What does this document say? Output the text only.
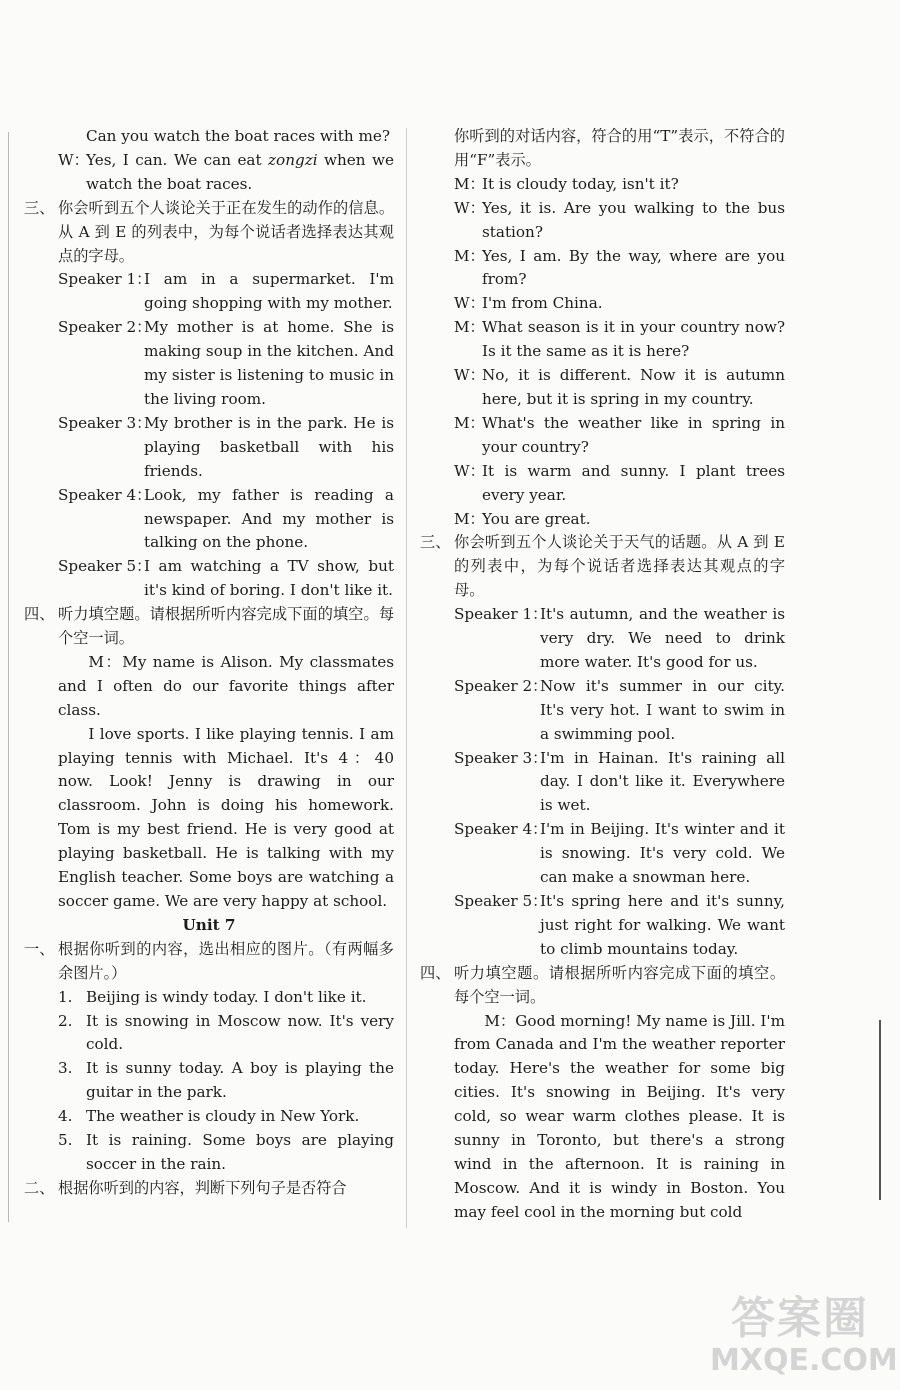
Can you watch the boat races with me?
W：
Yes, I can. We can eat zongzi when we watch the boat races.
三、 你会听到五个人谈论关于正在发生的动作的信息。从 A 到 E 的列表中，为每个说话者选择表达其观点的字母。
Speaker 1：
I am in a supermarket. I'm going shopping with my mother.
Speaker 2：
My mother is at home. She is making soup in the kitchen. And my sister is listening to music in the living room.
Speaker 3：
My brother is in the park. He is playing basketball with his friends.
Speaker 4：
Look, my father is reading a newspaper. And my mother is talking on the phone.
Speaker 5：
I am watching a TV show, but it's kind of boring. I don't like it.
四、 听力填空题。请根据所听内容完成下面的填空。每个空一词。
M：My name is Alison. My classmates and I often do our favorite things after class.
I love sports. I like playing tennis. I am playing tennis with Michael. It's 4：40 now. Look! Jenny is drawing in our classroom. John is doing his homework. Tom is my best friend. He is very good at playing basketball. He is talking with my English teacher. Some boys are watching a soccer game. We are very happy at school.
Unit 7
一、 根据你听到的内容，选出相应的图片。（有两幅多余图片。）
1. Beijing is windy today. I don't like it.
2. It is snowing in Moscow now. It's very cold.
3. It is sunny today. A boy is playing the guitar in the park.
4. The weather is cloudy in New York.
5. It is raining. Some boys are playing soccer in the rain.
二、 根据你听到的内容，判断下列句子是否符合
你听到的对话内容，符合的用“T”表示，不符合的用“F”表示。
M：
It is cloudy today, isn't it?
W：
Yes, it is. Are you walking to the bus station?
M：
Yes, I am. By the way, where are you from?
W：
I'm from China.
M：
What season is it in your country now? Is it the same as it is here?
W：
No, it is different. Now it is autumn here, but it is spring in my country.
M：
What's the weather like in spring in your country?
W：
It is warm and sunny. I plant trees every year.
M：
You are great.
三、 你会听到五个人谈论关于天气的话题。从 A 到 E 的列表中，为每个说话者选择表达其观点的字母。
Speaker 1：
It's autumn, and the weather is very dry. We need to drink more water. It's good for us.
Speaker 2：
Now it's summer in our city. It's very hot. I want to swim in a swimming pool.
Speaker 3：
I'm in Hainan. It's raining all day. I don't like it. Everywhere is wet.
Speaker 4：
I'm in Beijing. It's winter and it is snowing. It's very cold. We can make a snowman here.
Speaker 5：
It's spring here and it's sunny, just right for walking. We want to climb mountains today.
四、 听力填空题。请根据所听内容完成下面的填空。每个空一词。
M：Good morning! My name is Jill. I'm from Canada and I'm the weather reporter today. Here's the weather for some big cities. It's snowing in Beijing. It's very cold, so wear warm clothes please. It is sunny in Toronto, but there's a strong wind in the afternoon. It is raining in Moscow. And it is windy in Boston. You may feel cool in the morning but cold
答案圈
MXQE.COM
